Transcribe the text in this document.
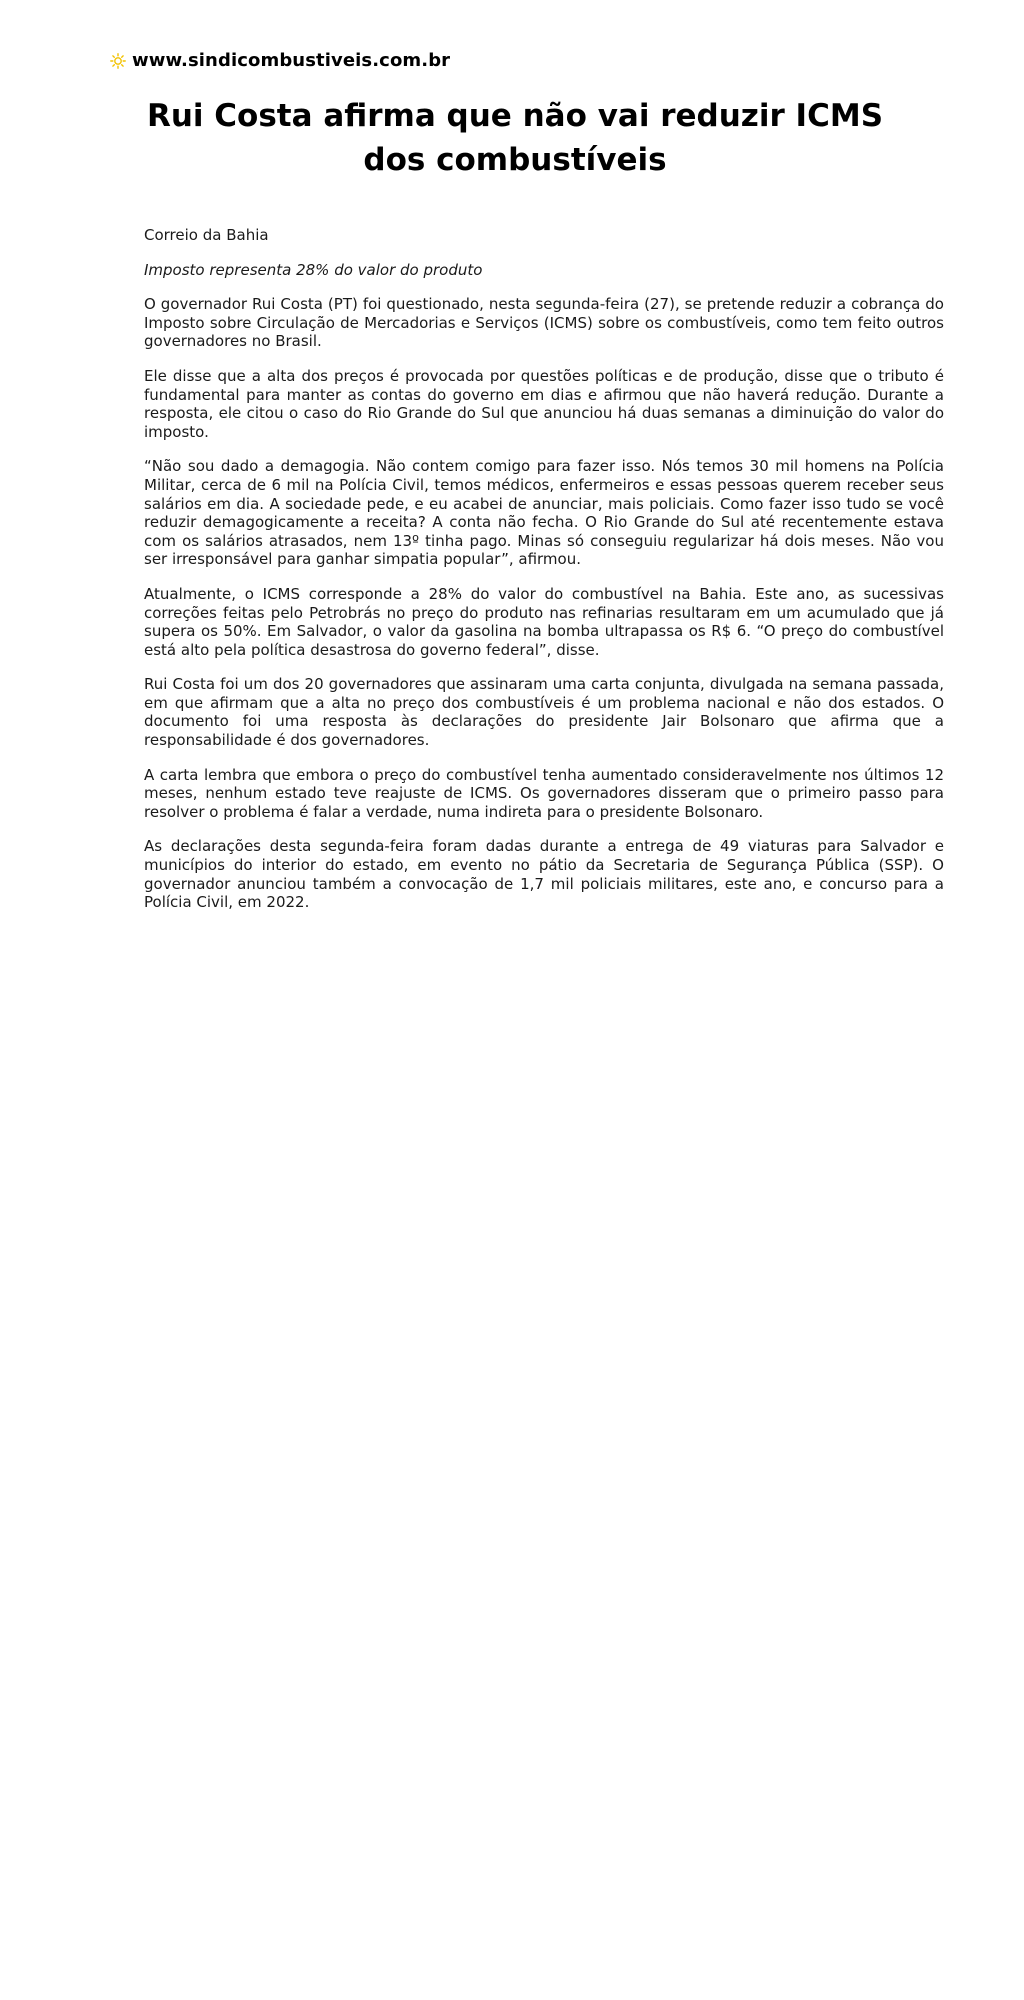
www.sindicombustiveis.com.br
Rui Costa afirma que não vai reduzir ICMS dos combustíveis

Correio da Bahia

Imposto representa 28% do valor do produto

O governador Rui Costa (PT) foi questionado, nesta segunda-feira (27), se pretende reduzir a cobrança do Imposto sobre Circulação de Mercadorias e Serviços (ICMS) sobre os combustíveis, como tem feito outros governadores no Brasil.

Ele disse que a alta dos preços é provocada por questões políticas e de produção, disse que o tributo é fundamental para manter as contas do governo em dias e afirmou que não haverá redução. Durante a resposta, ele citou o caso do Rio Grande do Sul que anunciou há duas semanas a diminuição do valor do imposto.

“Não sou dado a demagogia. Não contem comigo para fazer isso. Nós temos 30 mil homens na Polícia Militar, cerca de 6 mil na Polícia Civil, temos médicos, enfermeiros e essas pessoas querem receber seus salários em dia. A sociedade pede, e eu acabei de anunciar, mais policiais. Como fazer isso tudo se você reduzir demagogicamente a receita? A conta não fecha. O Rio Grande do Sul até recentemente estava com os salários atrasados, nem 13º tinha pago. Minas só conseguiu regularizar há dois meses. Não vou ser irresponsável para ganhar simpatia popular”, afirmou.

Atualmente, o ICMS corresponde a 28% do valor do combustível na Bahia. Este ano, as sucessivas correções feitas pelo Petrobrás no preço do produto nas refinarias resultaram em um acumulado que já supera os 50%. Em Salvador, o valor da gasolina na bomba ultrapassa os R$ 6. “O preço do combustível está alto pela política desastrosa do governo federal”, disse.

Rui Costa foi um dos 20 governadores que assinaram uma carta conjunta, divulgada na semana passada, em que afirmam que a alta no preço dos combustíveis é um problema nacional e não dos estados. O documento foi uma resposta às declarações do presidente Jair Bolsonaro que afirma que a responsabilidade é dos governadores.

A carta lembra que embora o preço do combustível tenha aumentado consideravelmente nos últimos 12 meses, nenhum estado teve reajuste de ICMS. Os governadores disseram que o primeiro passo para resolver o problema é falar a verdade, numa indireta para o presidente Bolsonaro.

As declarações desta segunda-feira foram dadas durante a entrega de 49 viaturas para Salvador e municípios do interior do estado, em evento no pátio da Secretaria de Segurança Pública (SSP). O governador anunciou também a convocação de 1,7 mil policiais militares, este ano, e concurso para a Polícia Civil, em 2022.
